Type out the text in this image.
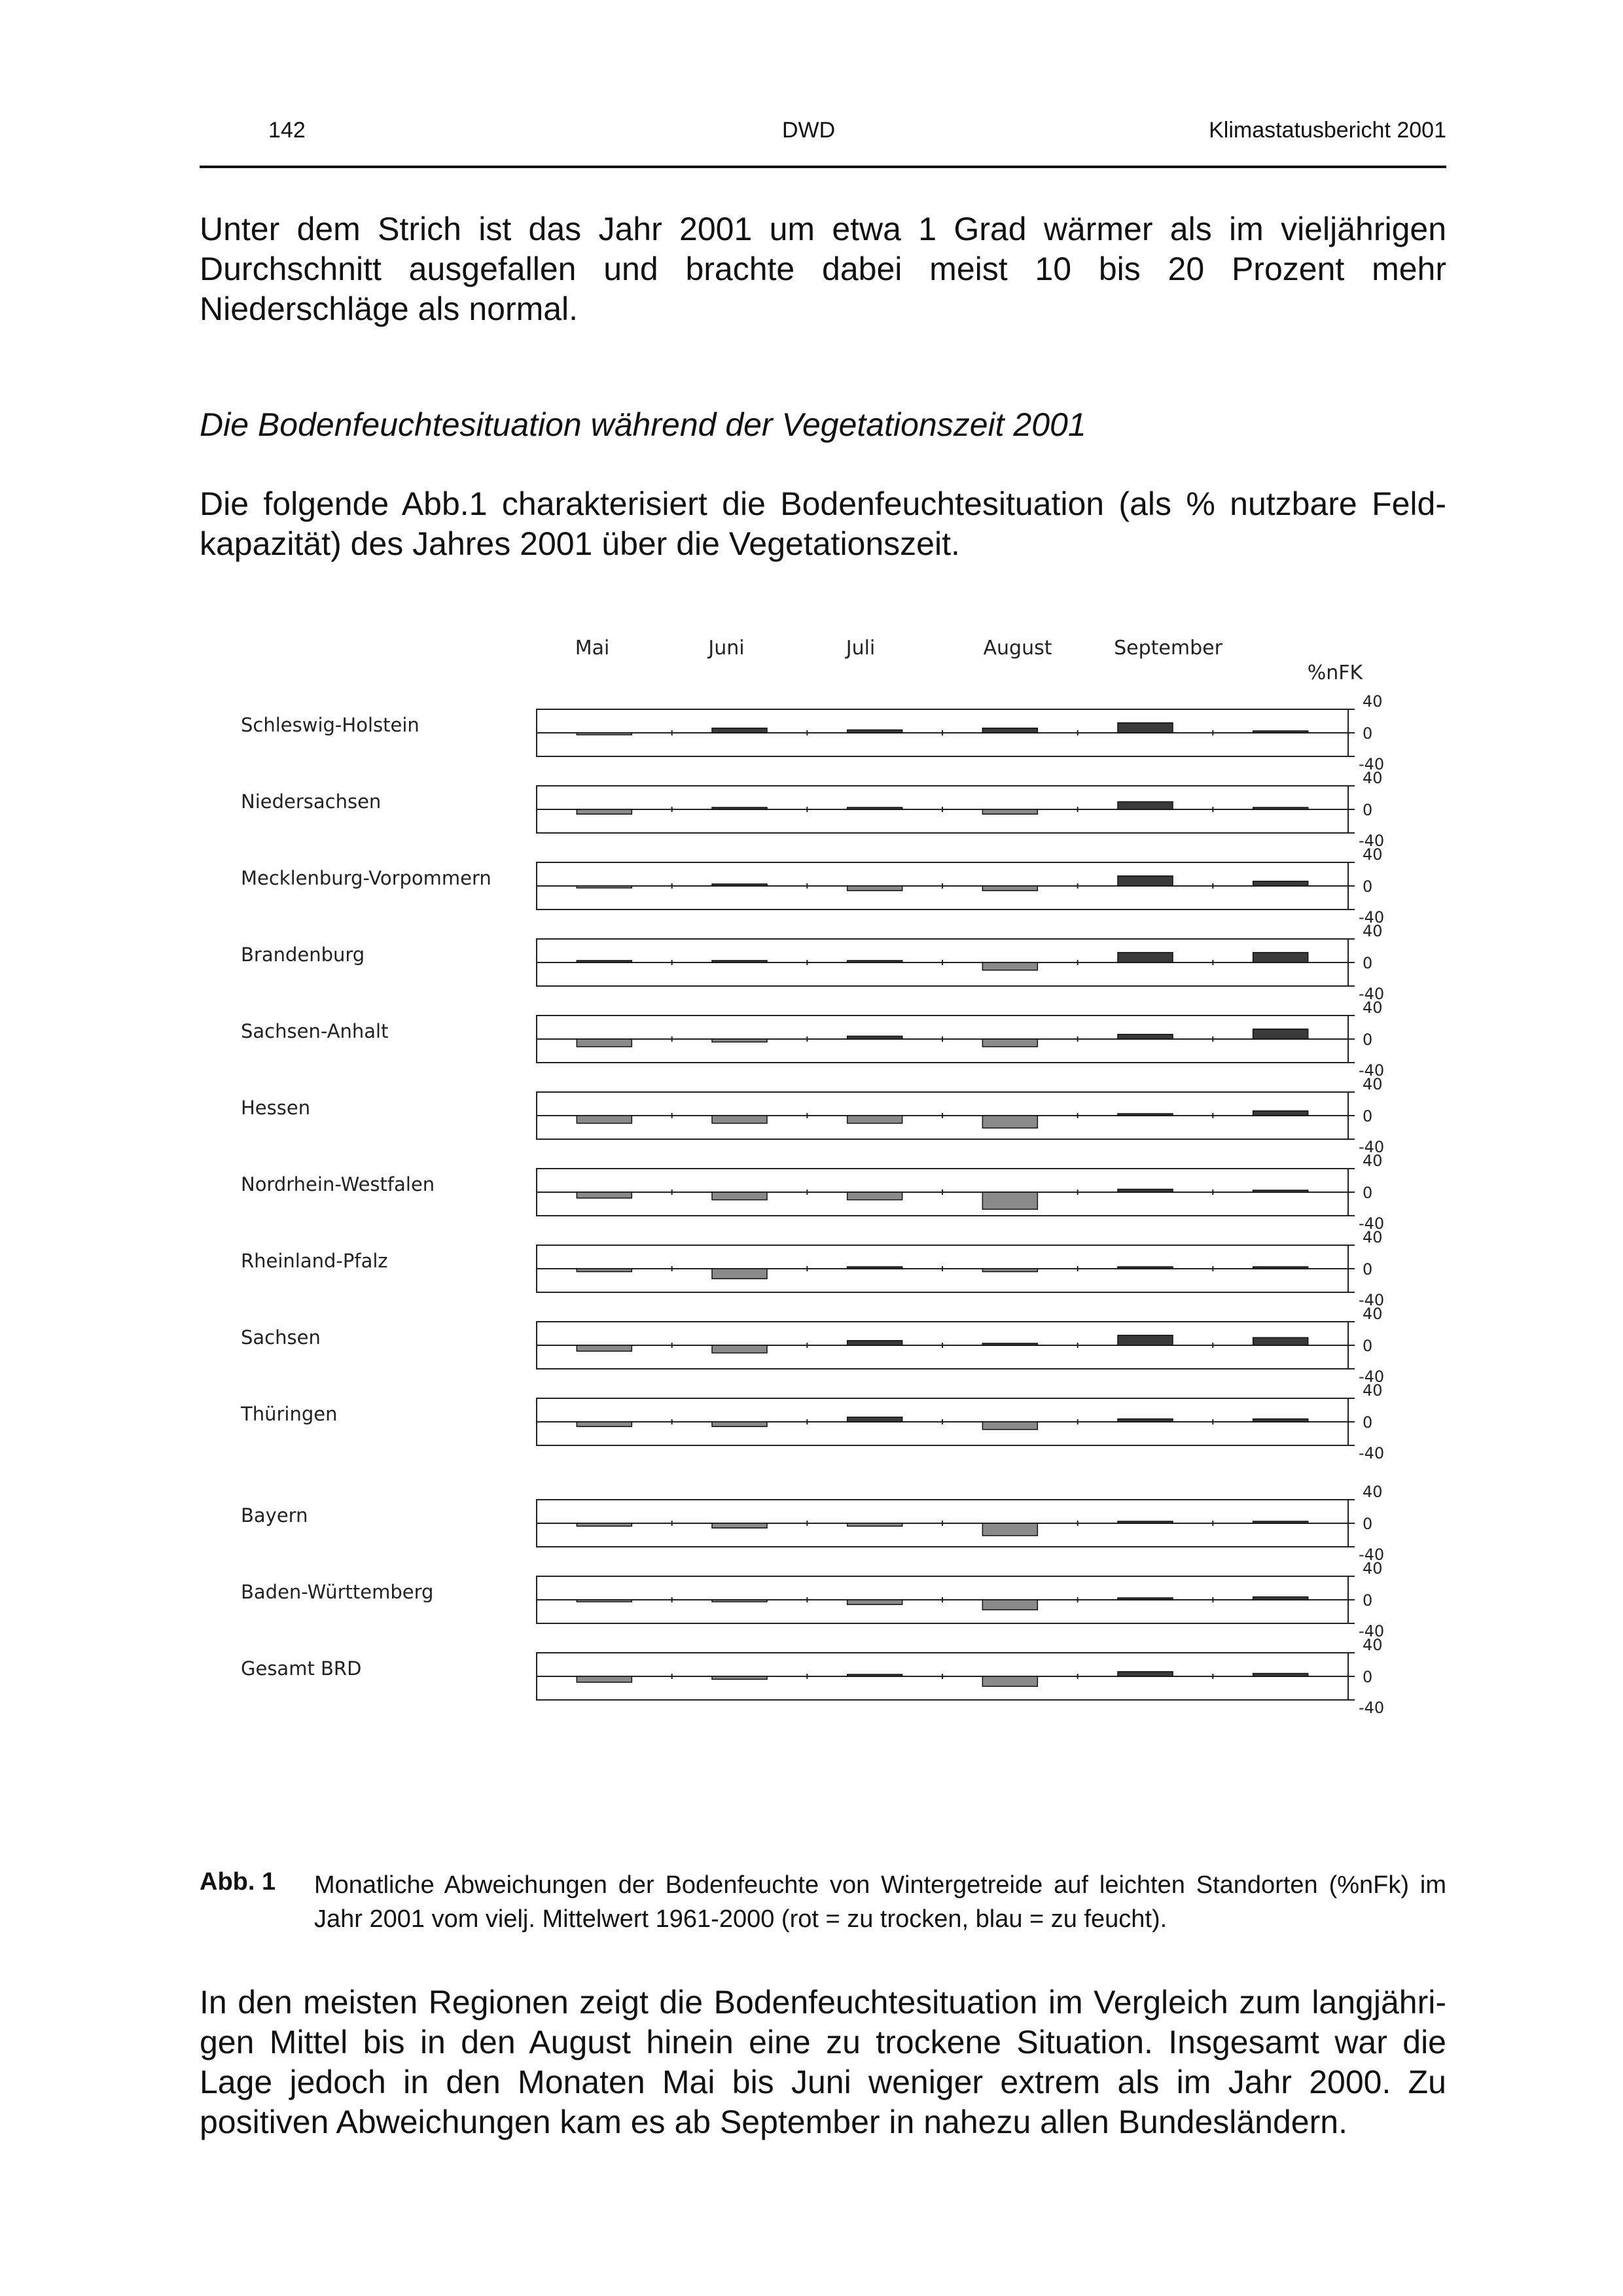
142	DWD	Klimastatusbericht 2001

Unter dem Strich ist das Jahr 2001 um etwa 1 Grad wärmer als im vieljährigen Durchschnitt ausgefallen und brachte dabei meist 10 bis 20 Prozent mehr Niederschläge als normal.

Die Bodenfeuchtesituation während der Vegetationszeit 2001

Die folgende Abb.1 charakterisiert die Bodenfeuchtesituation (als % nutzbare Feldkapazität) des Jahres 2001 über die Vegetationszeit.

Mai	Juni	Juli	August	September
%nFK
Schleswig-Holstein
40
0
-40
Niedersachsen
40
0
-40
Mecklenburg-Vorpommern
40
0
-40
Brandenburg
40
0
-40
Sachsen-Anhalt
40
0
-40
Hessen
40
0
-40
Nordrhein-Westfalen
40
0
-40
Rheinland-Pfalz
40
0
-40
Sachsen
40
0
-40
Thüringen
40
0
-40
Bayern
40
0
-40
Baden-Württemberg
40
0
-40
Gesamt BRD
40
0
-40
Abb. 1 Monatliche Abweichungen der Bodenfeuchte von Wintergetreide auf leichten Standorten (%nFk) im Jahr 2001 vom vielj. Mittelwert 1961-2000 (rot = zu trocken, blau = zu feucht).

In den meisten Regionen zeigt die Bodenfeuchtesituation im Vergleich zum langjährigen Mittel bis in den August hinein eine zu trockene Situation. Insgesamt war die Lage jedoch in den Monaten Mai bis Juni weniger extrem als im Jahr 2000. Zu positiven Abweichungen kam es ab September in nahezu allen Bundesländern.
